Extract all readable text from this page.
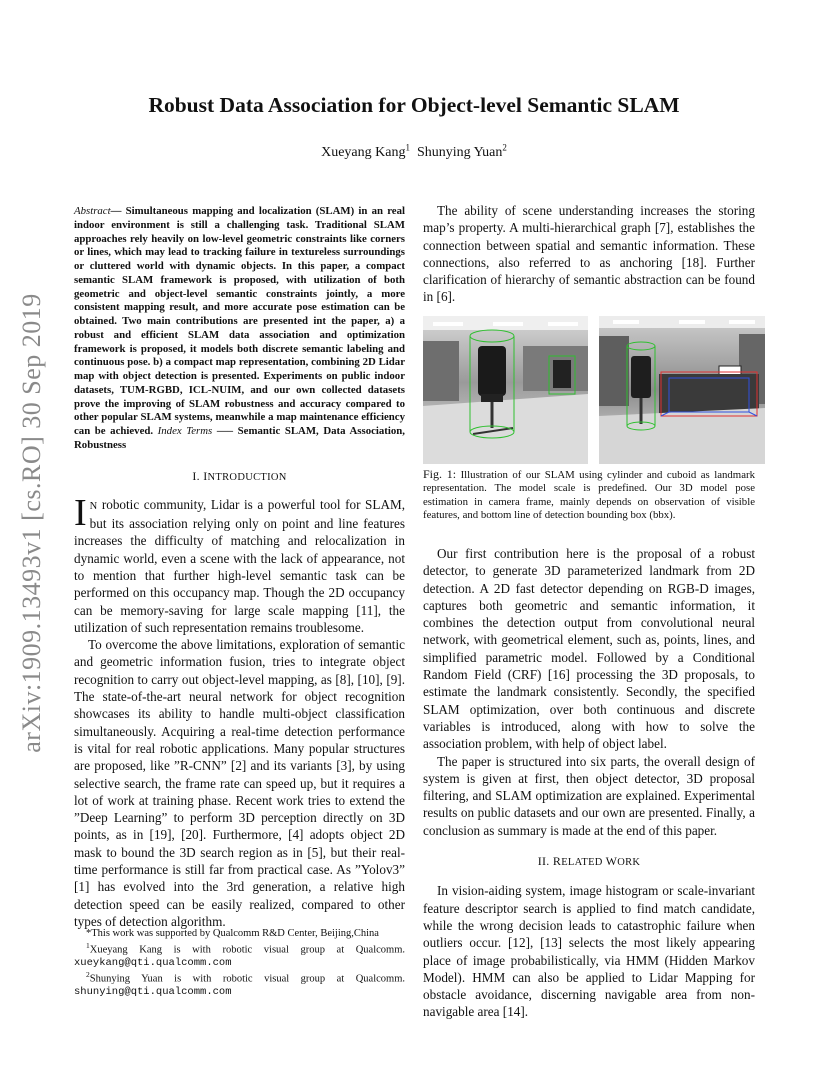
arXiv:1909.13493v1 [cs.RO] 30 Sep 2019
Robust Data Association for Object-level Semantic SLAM
Xueyang Kang$^1$ Shunying Yuan$^2$

Abstract— Simultaneous mapping and localization (SLAM) in an real indoor environment is still a challenging task. Traditional SLAM approaches rely heavily on low-level geometric constraints like corners or lines, which may lead to tracking failure in textureless surroundings or cluttered world with dynamic objects. In this paper, a compact semantic SLAM framework is proposed, with utilization of both geometric and object-level semantic constraints jointly, a more consistent mapping result, and more accurate pose estimation can be obtained. Two main contributions are presented int the paper, a) a robust and efficient SLAM data association and optimization framework is proposed, it models both discrete semantic labeling and continuous pose. b) a compact map representation, combining 2D Lidar map with object detection is presented. Experiments on public indoor datasets, TUM-RGBD, ICL-NUIM, and our own collected datasets prove the improving of SLAM robustness and accuracy compared to other popular SLAM systems, meanwhile a map maintenance efficiency can be achieved. Index Terms —– Semantic SLAM, Data Association, Robustness

I. INTRODUCTION

I N robotic community, Lidar is a powerful tool for SLAM, but its association relying only on point and line features increases the difficulty of matching and relocalization in dynamic world, even a scene with the lack of appearance, not to mention that further high-level semantic task can be performed on this occupancy map. Though the 2D occupancy can be memory-saving for large scale mapping [11], the utilization of such representation remains troublesome.

To overcome the above limitations, exploration of semantic and geometric information fusion, tries to integrate object recognition to carry out object-level mapping, as [8], [10], [9]. The state-of-the-art neural network for object recognition showcases its ability to handle multi-object classification simultaneously. Acquiring a real-time detection performance is vital for real robotic applications. Many popular structures are proposed, like ”R-CNN” [2] and its variants [3], by using selective search, the frame rate can speed up, but it requires a lot of work at training phase. Recent work tries to extend the ”Deep Learning” to perform 3D perception directly on 3D points, as in [19], [20]. Furthermore, [4] adopts object 2D mask to bound the 3D search region as in [5], but their real-time performance is still far from practical case. As ”Yolov3” [1] has evolved into the 3rd generation, a relative high detection speed can be easily realized, compared to other types of detection algorithm.

*This work was supported by Qualcomm R&D Center, Beijing,China

$^1$Xueyang Kang is with robotic visual group at Qualcomm. xueykang@qti.qualcomm.com

$^2$Shunying Yuan is with robotic visual group at Qualcomm. shunying@qti.qualcomm.com

The ability of scene understanding increases the storing map’s property. A multi-hierarchical graph [7], establishes the connection between spatial and semantic information. These connections, also referred to as anchoring [18]. Further clarification of hierarchy of semantic abstraction can be found in [6].

Fig. 1: Illustration of our SLAM using cylinder and cuboid as landmark representation. The model scale is predefined. Our 3D model pose estimation in camera frame, mainly depends on observation of visible features, and bottom line of detection bounding box (bbx).

Our first contribution here is the proposal of a robust detector, to generate 3D parameterized landmark from 2D detection. A 2D fast detector depending on RGB-D images, captures both geometric and semantic information, it combines the detection output from convolutional neural network, with geometrical element, such as, points, lines, and simplified parametric model. Followed by a Conditional Random Field (CRF) [16] processing the 3D proposals, to estimate the landmark consistently. Secondly, the specified SLAM optimization, over both continuous and discrete variables is introduced, along with how to solve the association problem, with help of object label.

The paper is structured into six parts, the overall design of system is given at first, then object detector, 3D proposal filtering, and SLAM optimization are explained. Experimental results on public datasets and our own are presented. Finally, a conclusion as summary is made at the end of this paper.

II. RELATED WORK

In vision-aiding system, image histogram or scale-invariant feature descriptor search is applied to find match candidate, while the wrong decision leads to catastrophic failure when outliers occur. [12], [13] selects the most likely appearing place of image probabilistically, via HMM (Hidden Markov Model). HMM can also be applied to Lidar Mapping for obstacle avoidance, discerning navigable area from non-navigable area [14].
